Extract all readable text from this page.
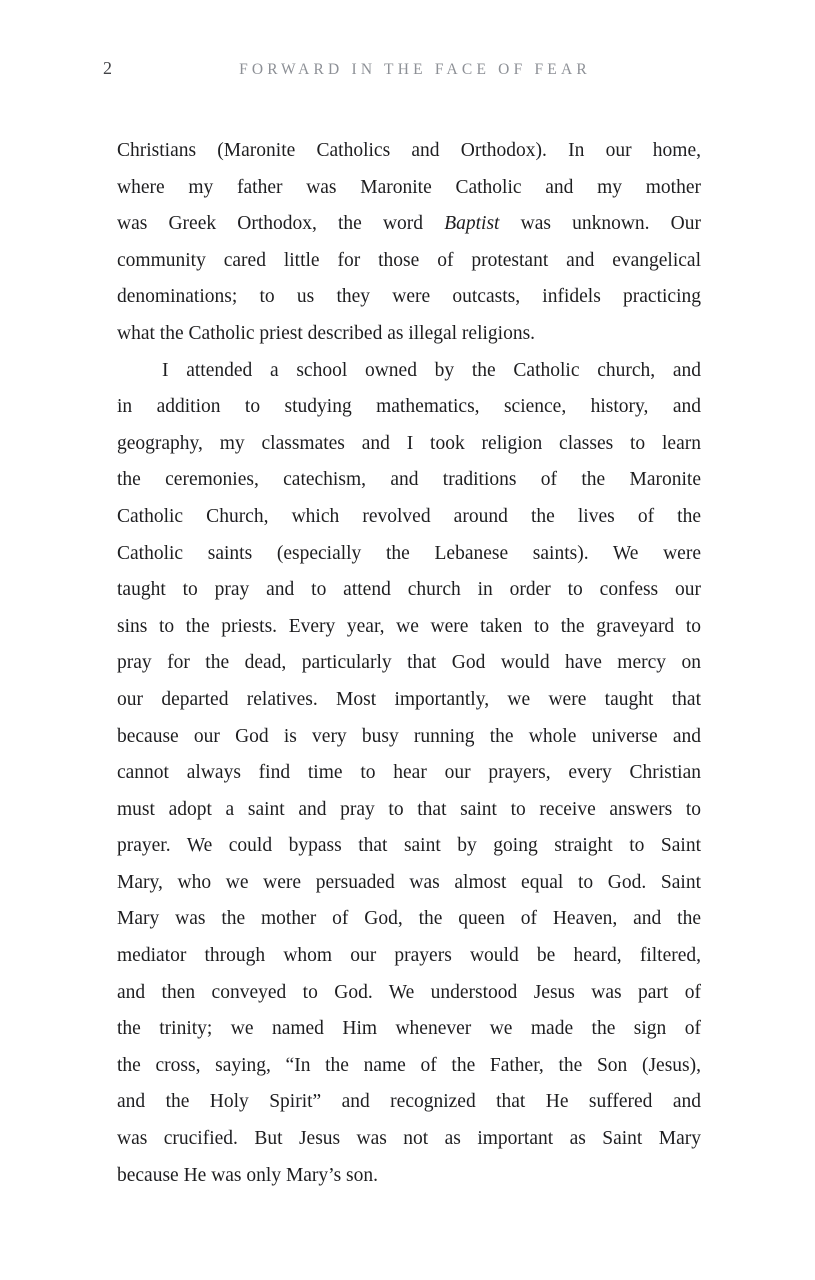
2	FORWARD IN THE FACE OF FEAR
Christians (Maronite Catholics and Orthodox). In our home,
where my father was Maronite Catholic and my mother
was Greek Orthodox, the word Baptist was unknown. Our
community cared little for those of protestant and evangelical
denominations; to us they were outcasts, infidels practicing
what the Catholic priest described as illegal religions.
I attended a school owned by the Catholic church, and
in addition to studying mathematics, science, history, and
geography, my classmates and I took religion classes to learn
the ceremonies, catechism, and traditions of the Maronite
Catholic Church, which revolved around the lives of the
Catholic saints (especially the Lebanese saints). We were
taught to pray and to attend church in order to confess our
sins to the priests. Every year, we were taken to the graveyard to
pray for the dead, particularly that God would have mercy on
our departed relatives. Most importantly, we were taught that
because our God is very busy running the whole universe and
cannot always find time to hear our prayers, every Christian
must adopt a saint and pray to that saint to receive answers to
prayer. We could bypass that saint by going straight to Saint
Mary, who we were persuaded was almost equal to God. Saint
Mary was the mother of God, the queen of Heaven, and the
mediator through whom our prayers would be heard, filtered,
and then conveyed to God. We understood Jesus was part of
the trinity; we named Him whenever we made the sign of
the cross, saying, “In the name of the Father, the Son (Jesus),
and the Holy Spirit” and recognized that He suffered and
was crucified. But Jesus was not as important as Saint Mary
because He was only Mary’s son.
